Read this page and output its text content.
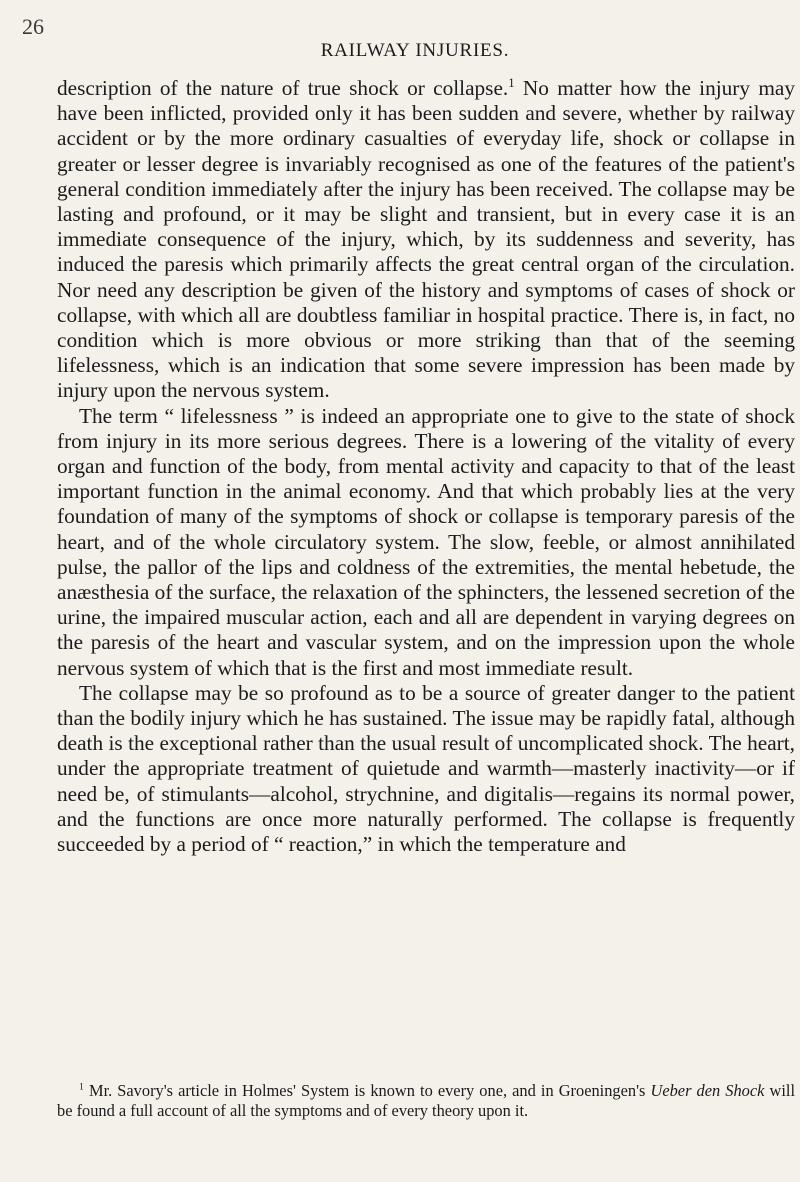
26
RAILWAY INJURIES.

description of the nature of true shock or collapse.$^1$ No matter how the injury may have been inflicted, provided only it has been sudden and severe, whether by railway accident or by the more ordinary casualties of everyday life, shock or collapse in greater or lesser degree is invariably recognised as one of the features of the patient's general condition immediately after the injury has been received. The collapse may be lasting and profound, or it may be slight and transient, but in every case it is an immediate consequence of the injury, which, by its suddenness and severity, has induced the paresis which primarily affects the great central organ of the circulation. Nor need any description be given of the history and symptoms of cases of shock or collapse, with which all are doubtless familiar in hospital practice. There is, in fact, no condition which is more obvious or more striking than that of the seeming lifelessness, which is an indication that some severe impression has been made by injury upon the nervous system.

The term “ lifelessness ” is indeed an appropriate one to give to the state of shock from injury in its more serious degrees. There is a lowering of the vitality of every organ and function of the body, from mental activity and capacity to that of the least important function in the animal economy. And that which probably lies at the very foundation of many of the symptoms of shock or collapse is temporary paresis of the heart, and of the whole circulatory system. The slow, feeble, or almost annihilated pulse, the pallor of the lips and coldness of the extremities, the mental hebetude, the anæsthesia of the surface, the relaxation of the sphincters, the lessened secretion of the urine, the impaired muscular action, each and all are dependent in varying degrees on the paresis of the heart and vascular system, and on the impression upon the whole nervous system of which that is the first and most immediate result.

The collapse may be so profound as to be a source of greater danger to the patient than the bodily injury which he has sustained. The issue may be rapidly fatal, although death is the exceptional rather than the usual result of uncomplicated shock. The heart, under the appropriate treatment of quietude and warmth—masterly inactivity—or if need be, of stimulants—alcohol, strychnine, and digitalis—regains its normal power, and the functions are once more naturally performed. The collapse is frequently succeeded by a period of “ reaction,” in which the temperature and

$^1$ Mr. Savory's article in Holmes' System is known to every one, and in Groeningen's Ueber den Shock will be found a full account of all the symptoms and of every theory upon it.
